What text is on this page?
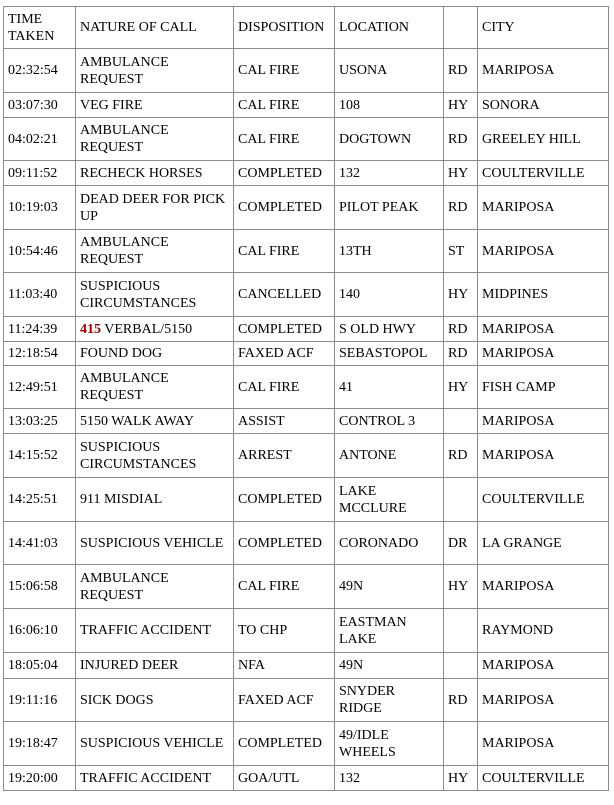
TIME TAKEN	NATURE OF CALL	DISPOSITION	LOCATION		CITY
02:32:54	AMBULANCE REQUEST	CAL FIRE	USONA	RD	MARIPOSA
03:07:30	VEG FIRE	CAL FIRE	108	HY	SONORA
04:02:21	AMBULANCE REQUEST	CAL FIRE	DOGTOWN	RD	GREELEY HILL
09:11:52	RECHECK HORSES	COMPLETED	132	HY	COULTERVILLE
10:19:03	DEAD DEER FOR PICK UP	COMPLETED	PILOT PEAK	RD	MARIPOSA
10:54:46	AMBULANCE REQUEST	CAL FIRE	13TH	ST	MARIPOSA
11:03:40	SUSPICIOUS CIRCUMSTANCES	CANCELLED	140	HY	MIDPINES
11:24:39	415 VERBAL/5150	COMPLETED	S OLD HWY	RD	MARIPOSA
12:18:54	FOUND DOG	FAXED ACF	SEBASTOPOL	RD	MARIPOSA
12:49:51	AMBULANCE REQUEST	CAL FIRE	41	HY	FISH CAMP
13:03:25	5150 WALK AWAY	ASSIST	CONTROL 3		MARIPOSA
14:15:52	SUSPICIOUS CIRCUMSTANCES	ARREST	ANTONE	RD	MARIPOSA
14:25:51	911 MISDIAL	COMPLETED	LAKE MCCLURE		COULTERVILLE
14:41:03	SUSPICIOUS VEHICLE	COMPLETED	CORONADO	DR	LA GRANGE
15:06:58	AMBULANCE REQUEST	CAL FIRE	49N	HY	MARIPOSA
16:06:10	TRAFFIC ACCIDENT	TO CHP	EASTMAN LAKE		RAYMOND
18:05:04	INJURED DEER	NFA	49N		MARIPOSA
19:11:16	SICK DOGS	FAXED ACF	SNYDER RIDGE	RD	MARIPOSA
19:18:47	SUSPICIOUS VEHICLE	COMPLETED	49/IDLE WHEELS		MARIPOSA
19:20:00	TRAFFIC ACCIDENT	GOA/UTL	132	HY	COULTERVILLE
